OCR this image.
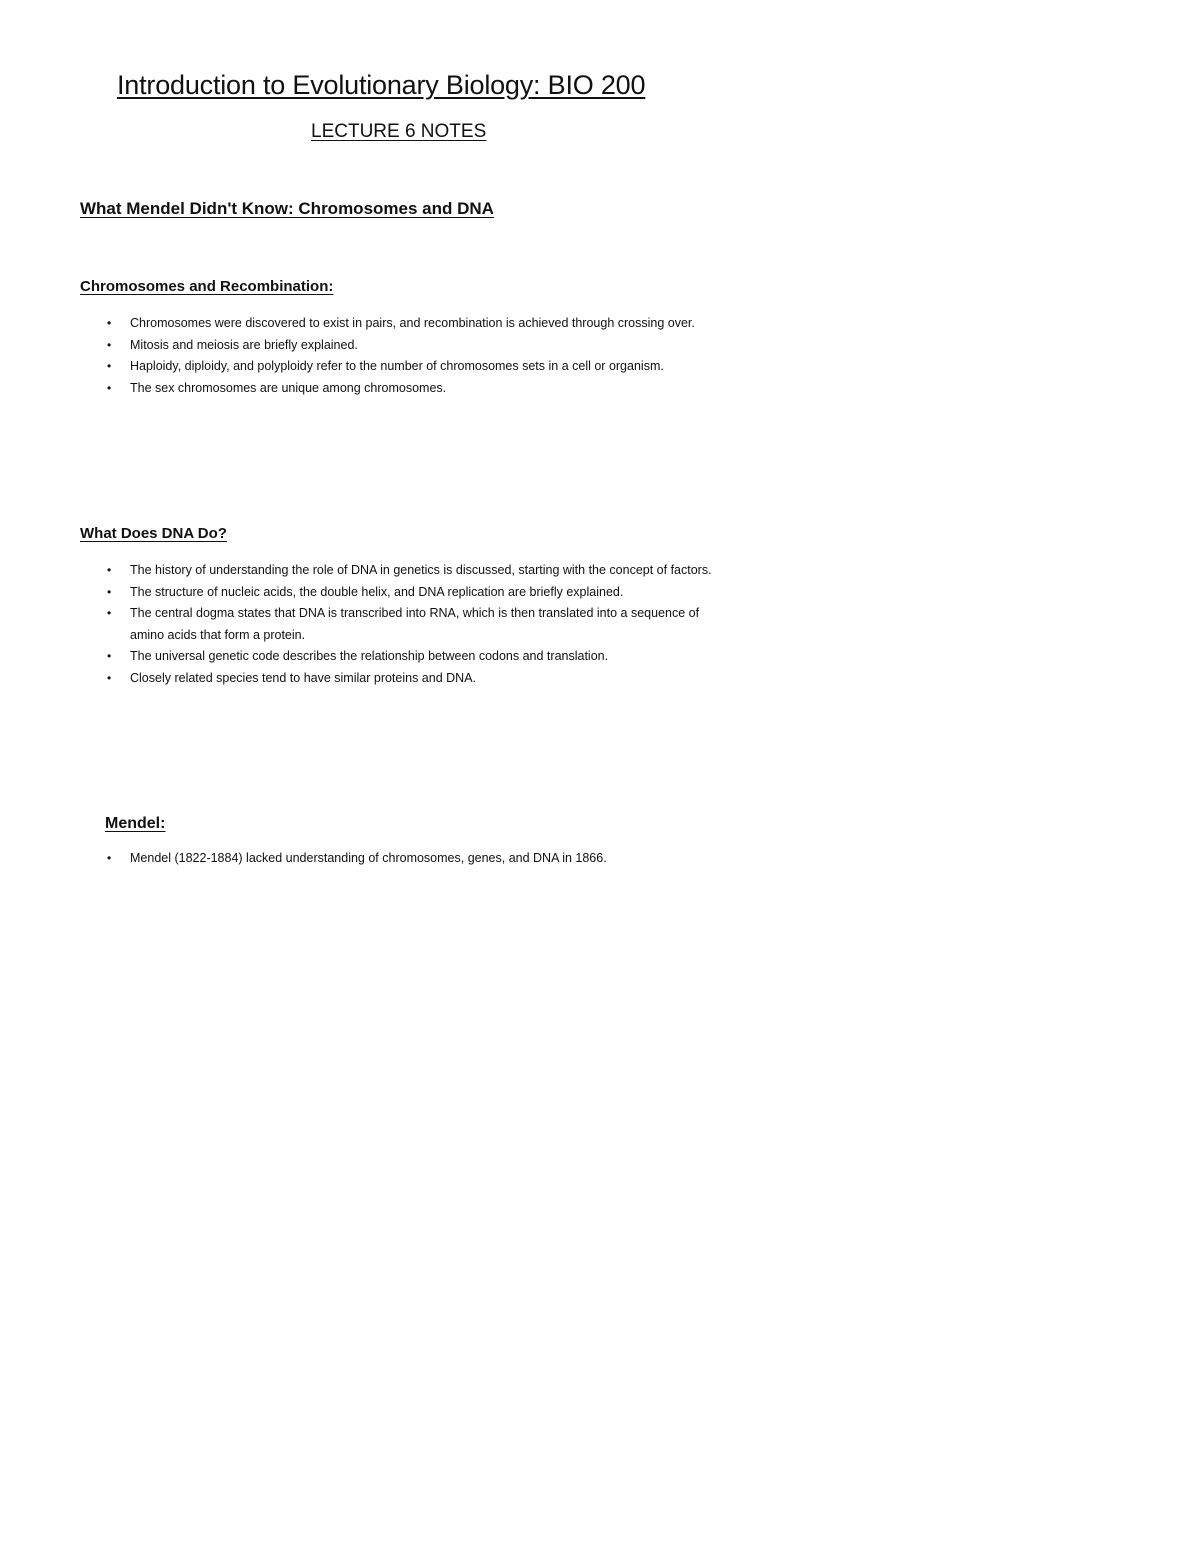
Introduction to Evolutionary Biology: BIO 200
LECTURE 6 NOTES
What Mendel Didn't Know: Chromosomes and DNA
Chromosomes and Recombination:
• Chromosomes were discovered to exist in pairs, and recombination is achieved through crossing over.
• Mitosis and meiosis are briefly explained.
• Haploidy, diploidy, and polyploidy refer to the number of chromosomes sets in a cell or organism.
• The sex chromosomes are unique among chromosomes.
What Does DNA Do?
• The history of understanding the role of DNA in genetics is discussed, starting with the concept of factors.
• The structure of nucleic acids, the double helix, and DNA replication are briefly explained.
• The central dogma states that DNA is transcribed into RNA, which is then translated into a sequence of amino acids that form a protein.
• The universal genetic code describes the relationship between codons and translation.
• Closely related species tend to have similar proteins and DNA.
Mendel:
• Mendel (1822-1884) lacked understanding of chromosomes, genes, and DNA in 1866.
